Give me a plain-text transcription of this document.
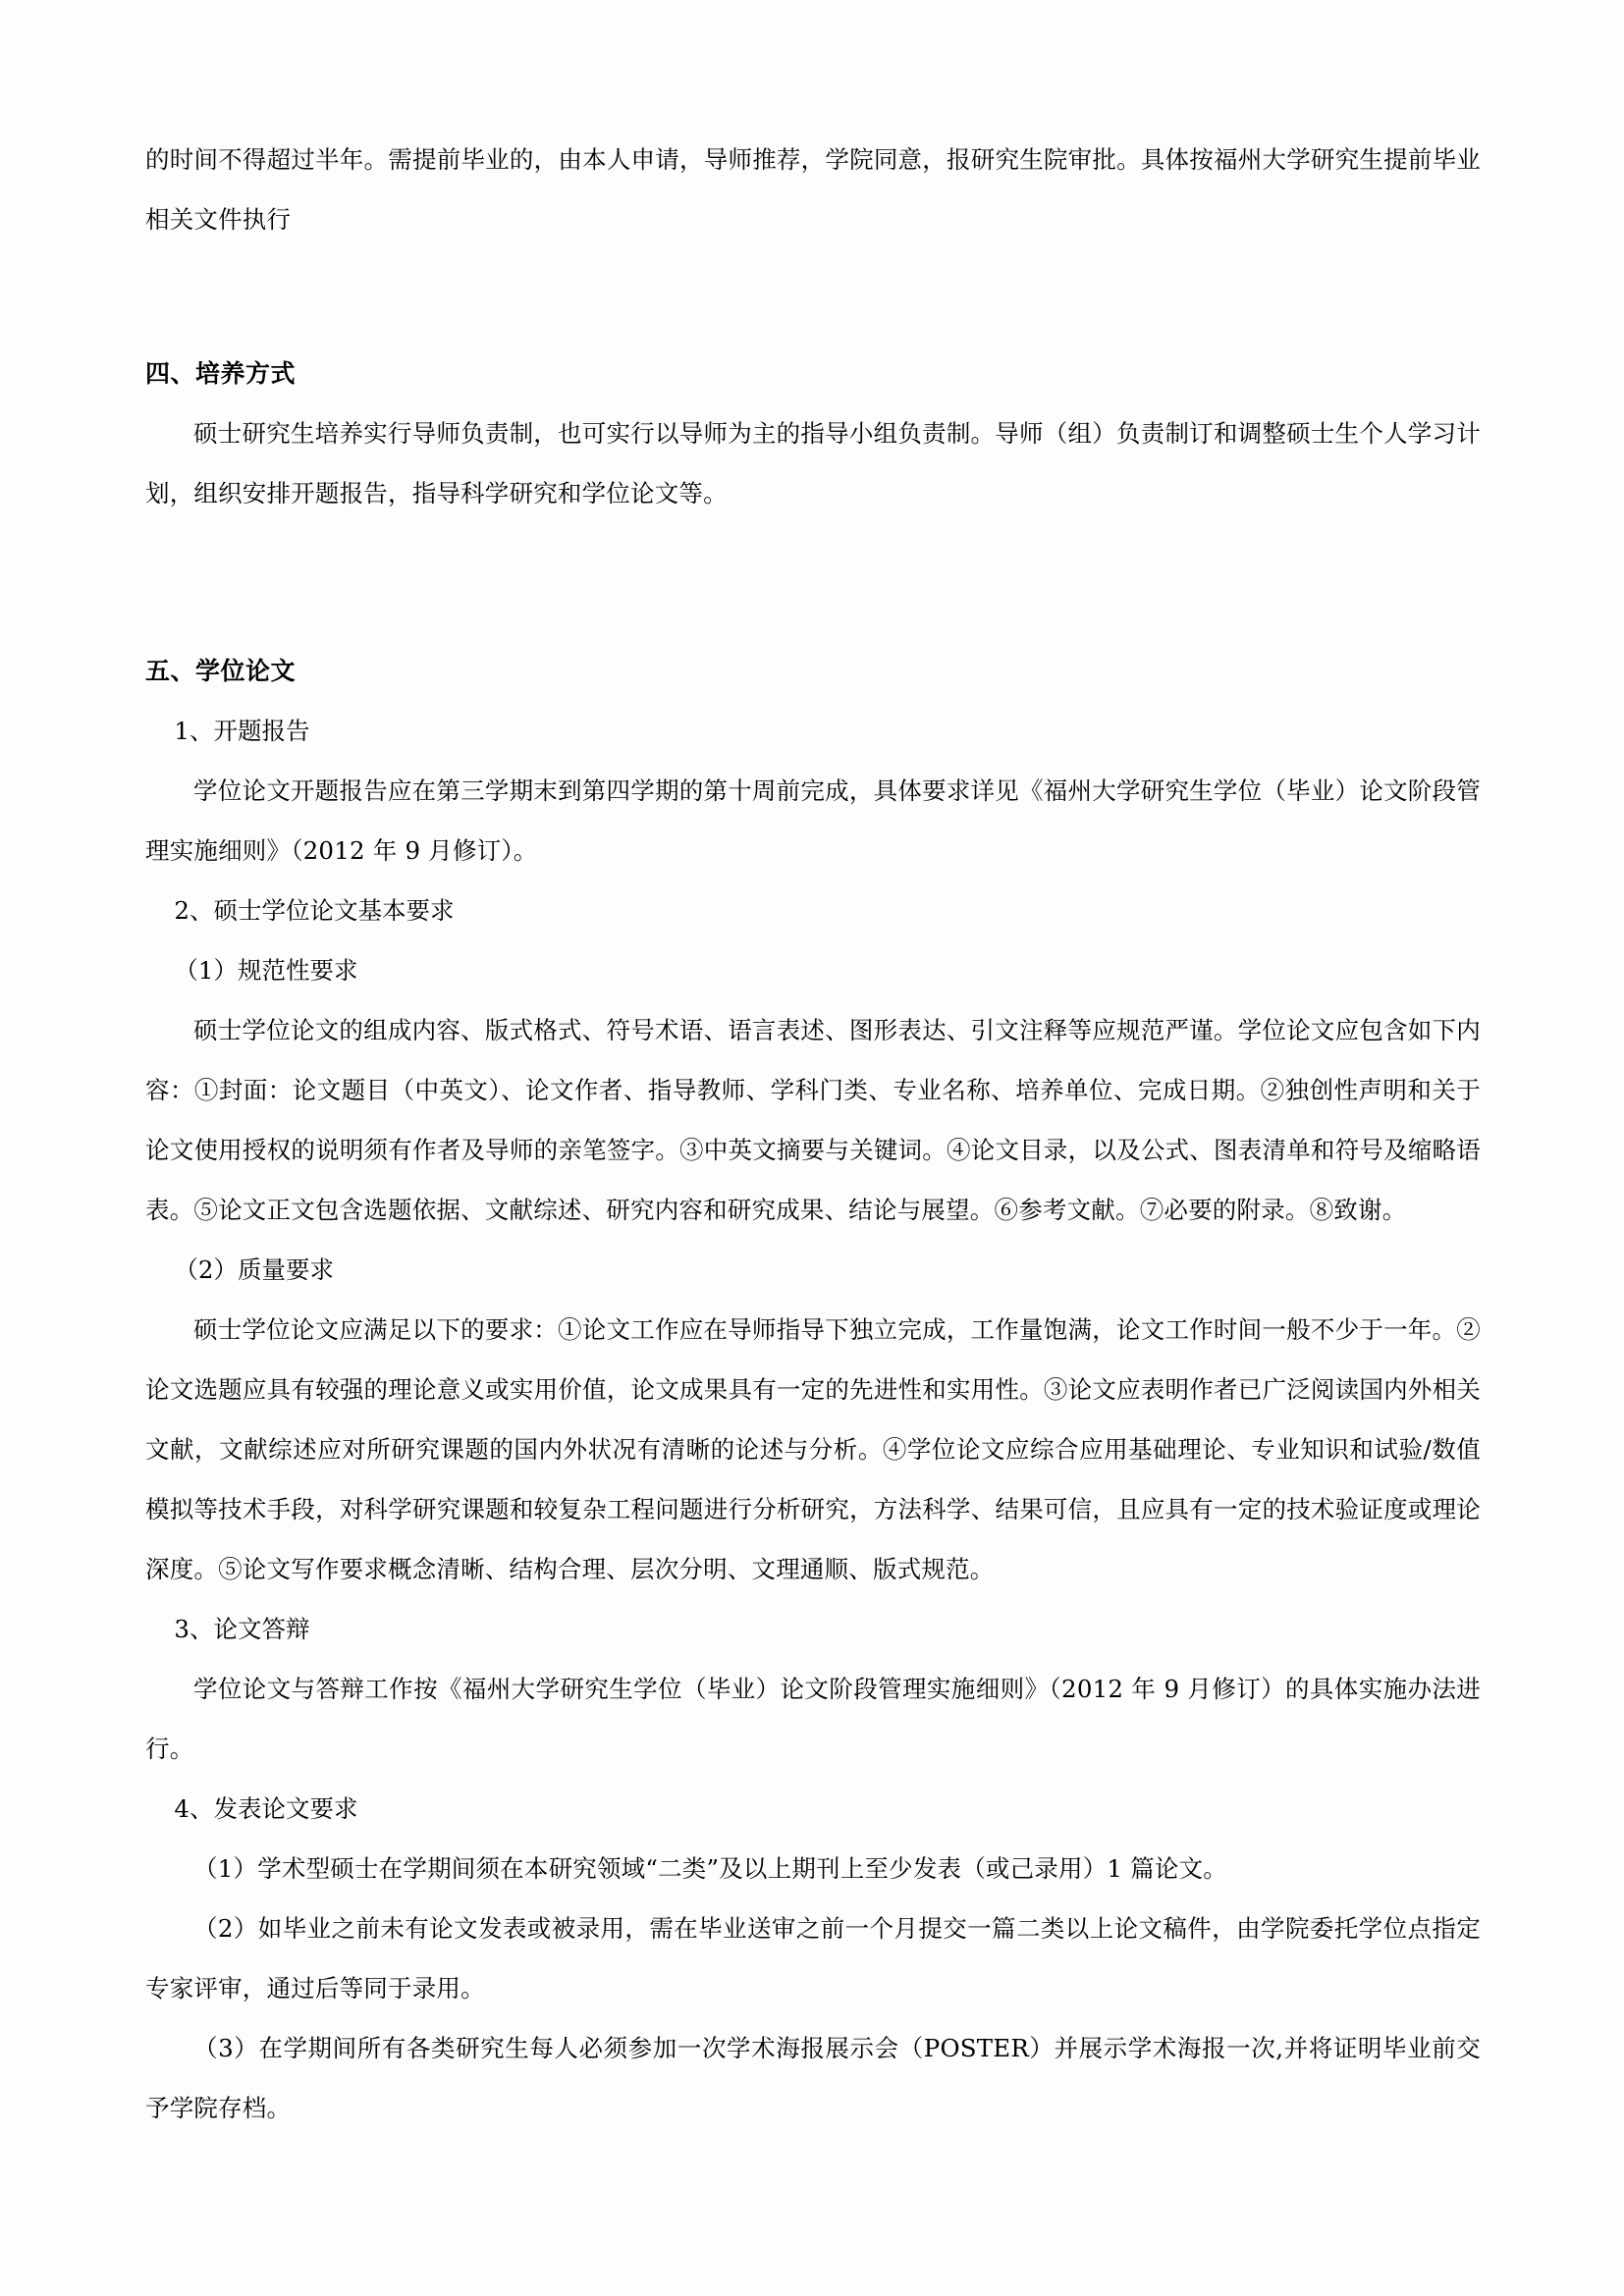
的时间不得超过半年。需提前毕业的，由本人申请，导师推荐，学院同意，报研究生院审批。具体按福州大学研究生提前毕业相关文件执行

四、培养方式

硕士研究生培养实行导师负责制，也可实行以导师为主的指导小组负责制。导师（组）负责制订和调整硕士生个人学习计划，组织安排开题报告，指导科学研究和学位论文等。

五、学位论文

1、开题报告

学位论文开题报告应在第三学期末到第四学期的第十周前完成，具体要求详见《福州大学研究生学位（毕业）论文阶段管理实施细则》（2012 年 9 月修订）。

2、硕士学位论文基本要求

（1）规范性要求

硕士学位论文的组成内容、版式格式、符号术语、语言表述、图形表达、引文注释等应规范严谨。学位论文应包含如下内容：①封面：论文题目（中英文）、论文作者、指导教师、学科门类、专业名称、培养单位、完成日期。②独创性声明和关于论文使用授权的说明须有作者及导师的亲笔签字。③中英文摘要与关键词。④论文目录，以及公式、图表清单和符号及缩略语表。⑤论文正文包含选题依据、文献综述、研究内容和研究成果、结论与展望。⑥参考文献。⑦必要的附录。⑧致谢。

（2）质量要求

硕士学位论文应满足以下的要求：①论文工作应在导师指导下独立完成，工作量饱满，论文工作时间一般不少于一年。②论文选题应具有较强的理论意义或实用价值，论文成果具有一定的先进性和实用性。③论文应表明作者已广泛阅读国内外相关文献，文献综述应对所研究课题的国内外状况有清晰的论述与分析。④学位论文应综合应用基础理论、专业知识和试验/数值模拟等技术手段，对科学研究课题和较复杂工程问题进行分析研究，方法科学、结果可信，且应具有一定的技术验证度或理论深度。⑤论文写作要求概念清晰、结构合理、层次分明、文理通顺、版式规范。

3、论文答辩

学位论文与答辩工作按《福州大学研究生学位（毕业）论文阶段管理实施细则》（2012 年 9 月修订）的具体实施办法进行。

4、发表论文要求

（1）学术型硕士在学期间须在本研究领域“二类”及以上期刊上至少发表（或己录用）1 篇论文。

（2）如毕业之前未有论文发表或被录用，需在毕业送审之前一个月提交一篇二类以上论文稿件，由学院委托学位点指定专家评审，通过后等同于录用。

（3）在学期间所有各类研究生每人必须参加一次学术海报展示会（POSTER）并展示学术海报一次,并将证明毕业前交予学院存档。
